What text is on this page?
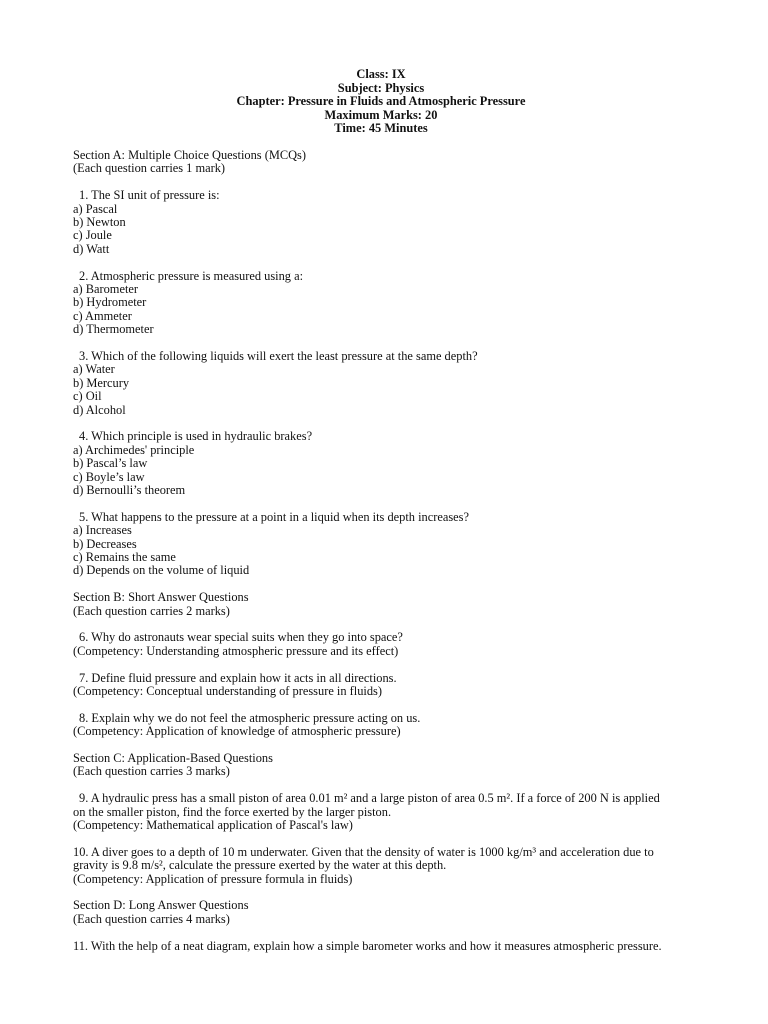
Class: IX
Subject: Physics
Chapter: Pressure in Fluids and Atmospheric Pressure
Maximum Marks: 20
Time: 45 Minutes
Section A: Multiple Choice Questions (MCQs)
(Each question carries 1 mark)
1. The SI unit of pressure is:
a) Pascal
b) Newton
c) Joule
d) Watt
2. Atmospheric pressure is measured using a:
a) Barometer
b) Hydrometer
c) Ammeter
d) Thermometer
3. Which of the following liquids will exert the least pressure at the same depth?
a) Water
b) Mercury
c) Oil
d) Alcohol
4. Which principle is used in hydraulic brakes?
a) Archimedes' principle
b) Pascal’s law
c) Boyle’s law
d) Bernoulli’s theorem
5. What happens to the pressure at a point in a liquid when its depth increases?
a) Increases
b) Decreases
c) Remains the same
d) Depends on the volume of liquid
Section B: Short Answer Questions
(Each question carries 2 marks)
6. Why do astronauts wear special suits when they go into space?
(Competency: Understanding atmospheric pressure and its effect)
7. Define fluid pressure and explain how it acts in all directions.
(Competency: Conceptual understanding of pressure in fluids)
8. Explain why we do not feel the atmospheric pressure acting on us.
(Competency: Application of knowledge of atmospheric pressure)
Section C: Application-Based Questions
(Each question carries 3 marks)
9. A hydraulic press has a small piston of area 0.01 m² and a large piston of area 0.5 m². If a force of 200 N is applied
on the smaller piston, find the force exerted by the larger piston.
(Competency: Mathematical application of Pascal's law)
10. A diver goes to a depth of 10 m underwater. Given that the density of water is 1000 kg/m³ and acceleration due to
gravity is 9.8 m/s², calculate the pressure exerted by the water at this depth.
(Competency: Application of pressure formula in fluids)
Section D: Long Answer Questions
(Each question carries 4 marks)
11. With the help of a neat diagram, explain how a simple barometer works and how it measures atmospheric pressure.
